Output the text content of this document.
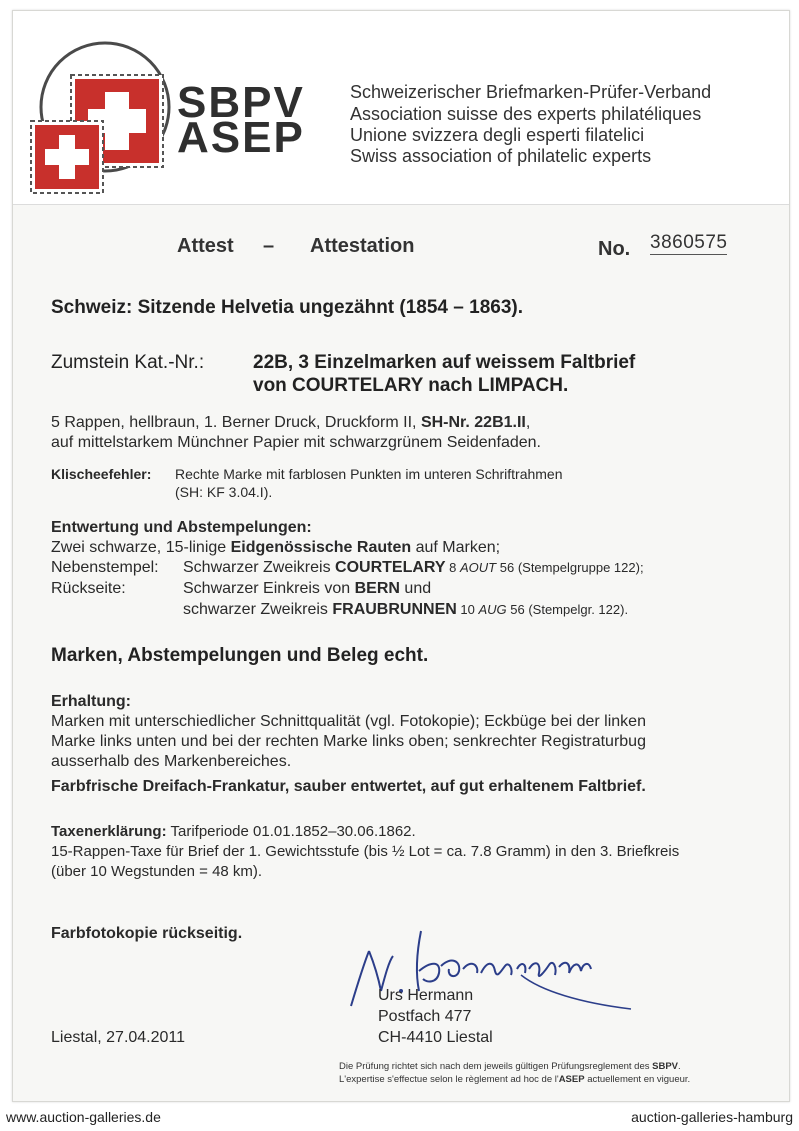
SBPV
ASEP
Schweizerischer Briefmarken-Prüfer-Verband
Association suisse des experts philatéliques
Unione svizzera degli esperti filatelici
Swiss association of philatelic experts
Attest – Attestation	No. 3860575
Schweiz: Sitzende Helvetia ungezähnt (1854 – 1863).
Zumstein Kat.-Nr.:	22B, 3 Einzelmarken auf weissem Faltbrief
von COURTELARY nach LIMPACH.
5 Rappen, hellbraun, 1. Berner Druck, Druckform II, SH-Nr. 22B1.II,
auf mittelstarkem Münchner Papier mit schwarzgrünem Seidenfaden.
Klischeefehler: Rechte Marke mit farblosen Punkten im unteren Schriftrahmen
(SH: KF 3.04.I).
Entwertung und Abstempelungen:
Zwei schwarze, 15-linige Eidgenössische Rauten auf Marken;
Nebenstempel: Schwarzer Zweikreis COURTELARY 8 AOUT 56 (Stempelgruppe 122);
Rückseite:	Schwarzer Einkreis von BERN und
schwarzer Zweikreis FRAUBRUNNEN 10 AUG 56 (Stempelgr. 122).
Marken, Abstempelungen und Beleg echt.
Erhaltung:
Marken mit unterschiedlicher Schnittqualität (vgl. Fotokopie); Eckbüge bei der linken
Marke links unten und bei der rechten Marke links oben; senkrechter Registraturbug
ausserhalb des Markenbereiches.
Farbfrische Dreifach-Frankatur, sauber entwertet, auf gut erhaltenem Faltbrief.
Taxenerklärung: Tarifperiode 01.01.1852–30.06.1862.
15-Rappen-Taxe für Brief der 1. Gewichtsstufe (bis ½ Lot = ca. 7.8 Gramm) in den 3. Briefkreis
(über 10 Wegstunden = 48 km).
Farbfotokopie rückseitig.
Urs Hermann
Postfach 477
CH-4410 Liestal
Liestal, 27.04.2011
Die Prüfung richtet sich nach dem jeweils gültigen Prüfungsreglement des SBPV.
L'expertise s'effectue selon le règlement ad hoc de l'ASEP actuellement en vigueur.
www.auction-galleries.de	auction-galleries-hamburg
